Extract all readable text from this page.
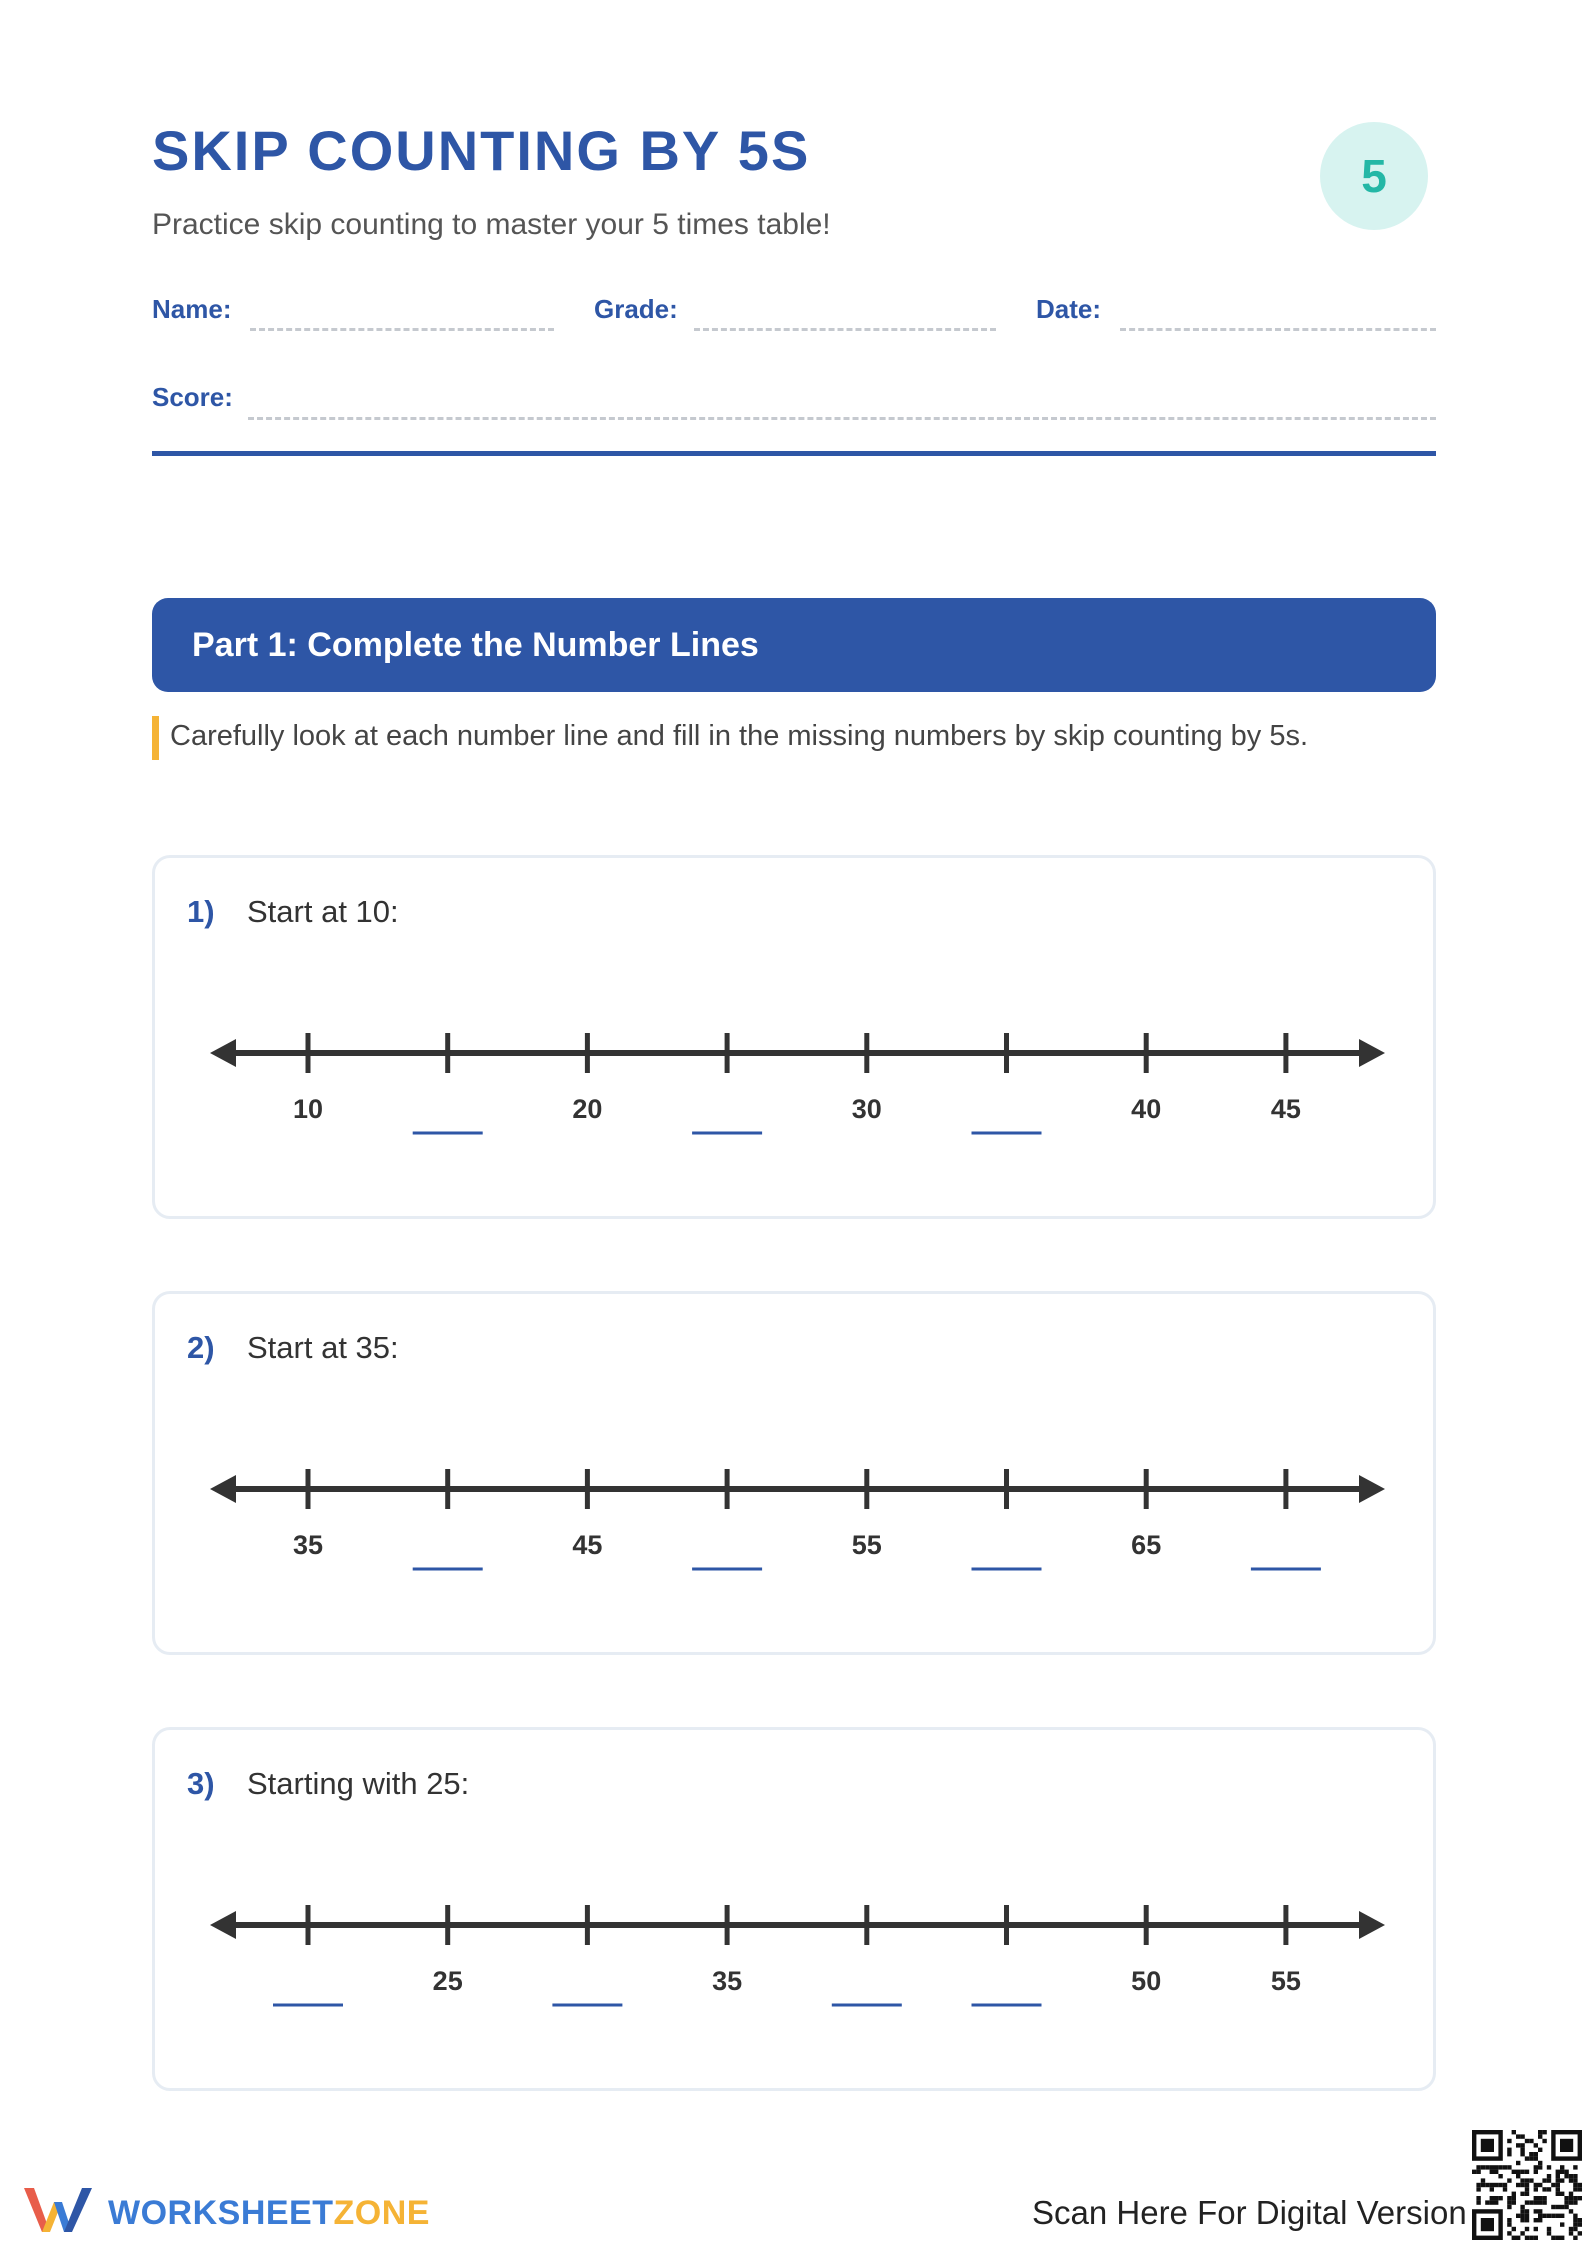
SKIP COUNTING BY 5S
Practice skip counting to master your 5 times table!
5
Name:	Grade:	Date:
Score:
Part 1: Complete the Number Lines
Carefully look at each number line and fill in the missing numbers by skip counting by 5s.
1) Start at 10:
10	20	30	40	45
2) Start at 35:
35	45	55	65
3) Starting with 25:
25	35	50	55
WORKSHEETZONE	Scan Here For Digital Version
